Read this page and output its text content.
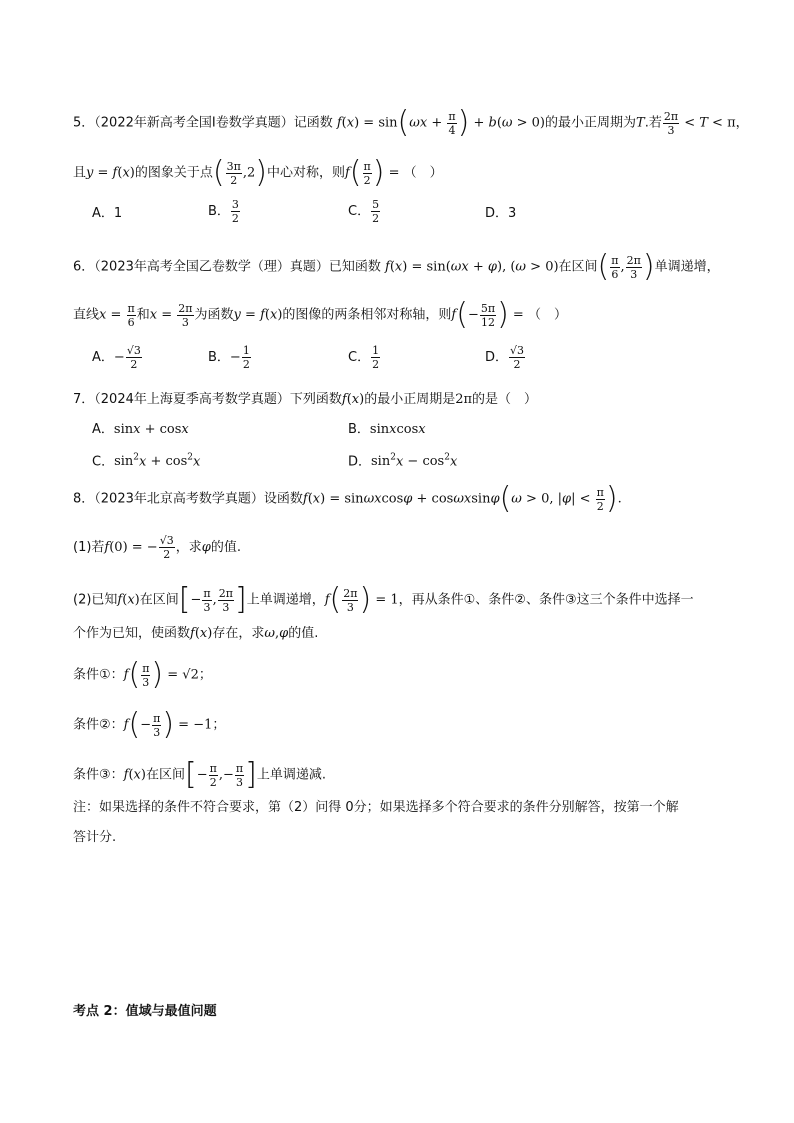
5．（2022年新高考全国I卷数学真题）记函数 $f(x) = \sin(\omega x + \frac{\pi}{4}$ ) + b(ω > 0)的最小正周期为T.若 $\frac{2\pi}{3} < T < \pi$，
且y = f(x)的图象关于点( $\frac{3\pi}{2} ,2$)中心对称，则$f( \frac{\pi}{2}$ ) = （　）
A．1	B． $\frac{3}{2}$	C． $\frac{5}{2}$	D．3
6．（2023年高考全国乙卷数学（理）真题）已知函数 f(x) = sin(ωx + φ), (ω > 0)在区间( $\frac{\pi}{6}$ , $\frac{2\pi}{3}$ )单调递增，
直线$x = \frac{\pi}{6}$ 和$x = \frac{2\pi}{3}$ 为函数y = f(x)的图像的两条相邻对称轴，则$f(- \frac{5\pi}{12}$ ) = （　）
A．− $\frac{√3}{2}$	B．− $\frac{1}{2}$	C． $\frac{1}{2}$	D． $\frac{√3}{2}$
7．（2024年上海夏季高考数学真题）下列函数f(x)的最小正周期是2π的是（　）
A．sinx + cosx	B．sinxcosx
C．$\sin^2x + \cos^2x$	D．$\sin^2x - \cos^2x$
8．（2023年北京高考数学真题）设函数f(x) = sinωxcosφ + cosωxsinφ(ω > 0, $|\varphi| < \frac{\pi}{2}$ ).
(1)若f(0) = − $\frac{√3}{2}$ ，求φ的值.
(2)已知f(x)在区间[− $\frac{\pi}{3}$ , $\frac{2\pi}{3}$ ]上单调递增，$f( \frac{2\pi}{3}$ ) = 1，再从条件①、条件②、条件③这三个条件中选择一
个作为已知，使函数f(x)存在，求ω,φ的值.
条件①：$f( \frac{\pi}{3}$ ) = √2；
条件②：$f(- \frac{\pi}{3}$ ) = −1；
条件③：f(x)在区间[− $\frac{\pi}{2}$ ,− $\frac{\pi}{3}$ ]上单调递减.
注：如果选择的条件不符合要求，第（2）问得 0分；如果选择多个符合要求的条件分别解答，按第一个解
答计分.
考点 2：值域与最值问题
